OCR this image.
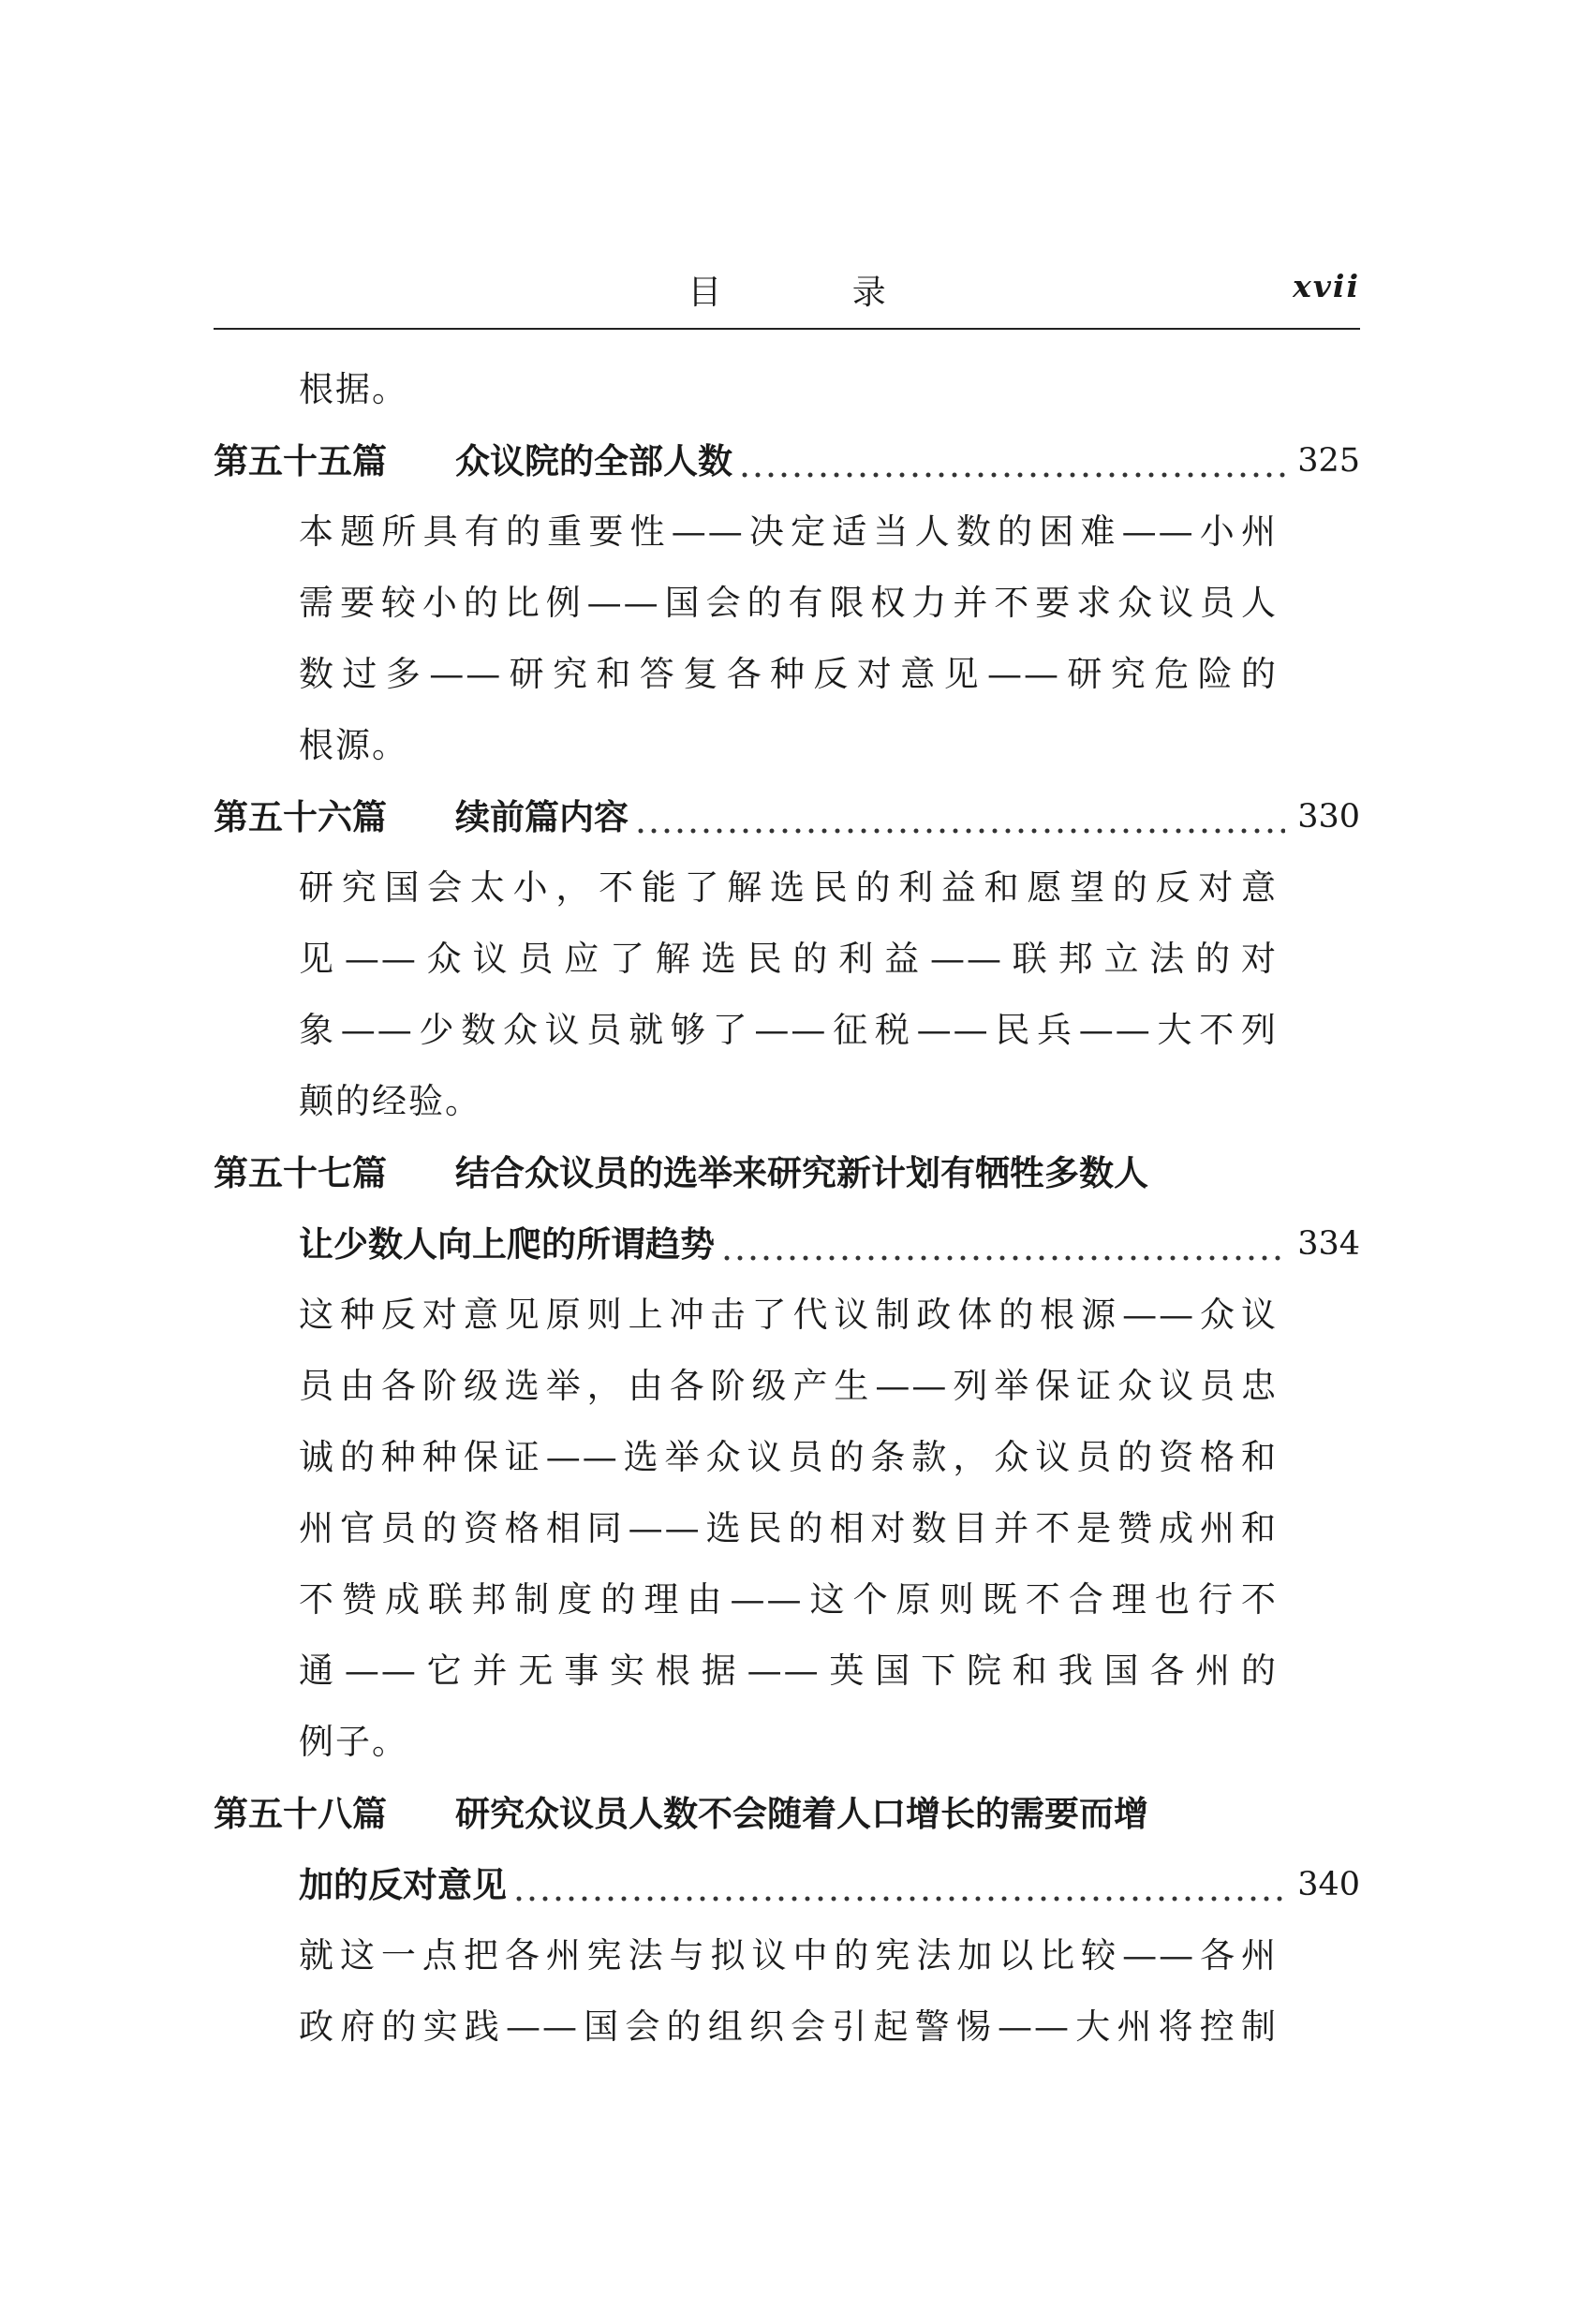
目 录	xvii
根据。
第五十五篇	众议院的全部人数	325
本题所具有的重要性——决定适当人数的困难——小州
需要较小的比例——国会的有限权力并不要求众议员人
数过多——研究和答复各种反对意见——研究危险的
根源。
第五十六篇	续前篇内容	330
研究国会太小，不能了解选民的利益和愿望的反对意
见——众议员应了解选民的利益——联邦立法的对
象——少数众议员就够了——征税——民兵——大不列
颠的经验。
第五十七篇	结合众议员的选举来研究新计划有牺牲多数人
让少数人向上爬的所谓趋势	334
这种反对意见原则上冲击了代议制政体的根源——众议
员由各阶级选举，由各阶级产生——列举保证众议员忠
诚的种种保证——选举众议员的条款，众议员的资格和
州官员的资格相同——选民的相对数目并不是赞成州和
不赞成联邦制度的理由——这个原则既不合理也行不
通——它并无事实根据——英国下院和我国各州的
例子。
第五十八篇	研究众议员人数不会随着人口增长的需要而增
加的反对意见	340
就这一点把各州宪法与拟议中的宪法加以比较——各州
政府的实践——国会的组织会引起警惕——大州将控制
